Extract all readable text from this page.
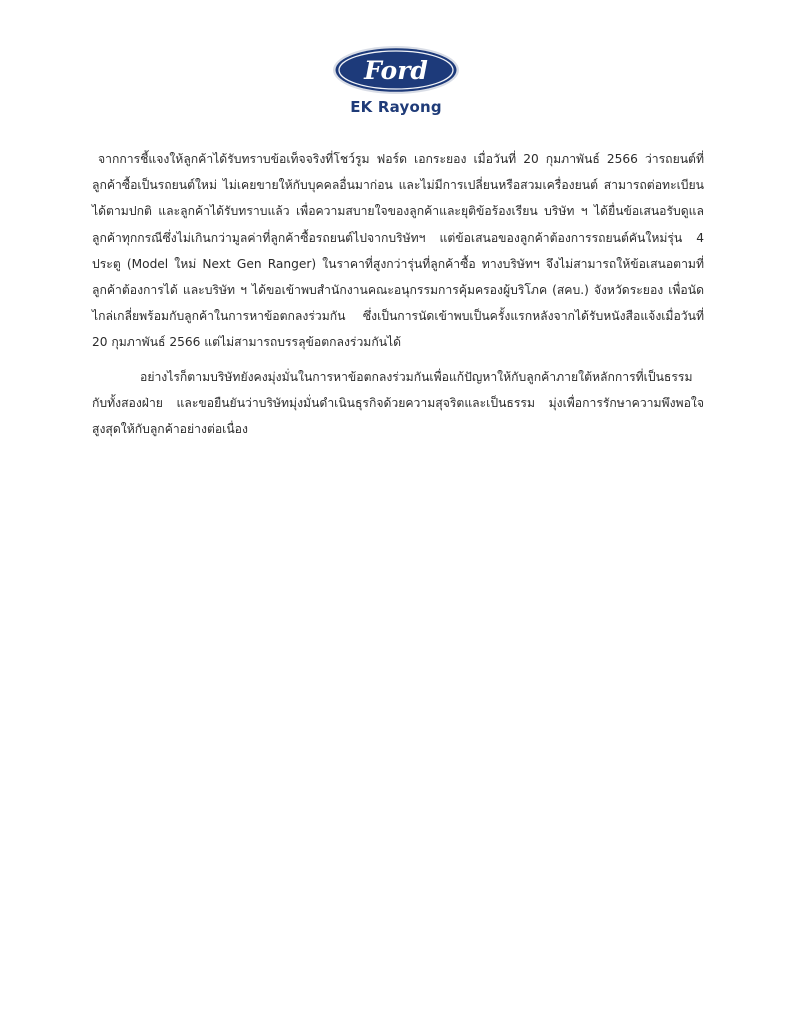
Ford
EK Rayong

จากการชี้แจงให้ลูกค้าได้รับทราบข้อเท็จจริงที่โชว์รูม ฟอร์ด เอกระยอง เมื่อวันที่ 20 กุมภาพันธ์ 2566 ว่ารถยนต์ที่ลูกค้าซื้อเป็นรถยนต์ใหม่ ไม่เคยขายให้กับบุคคลอื่นมาก่อน และไม่มีการเปลี่ยนหรือสวมเครื่องยนต์ สามารถต่อทะเบียนได้ตามปกติ และลูกค้าได้รับทราบแล้ว เพื่อความสบายใจของลูกค้าและยุติข้อร้องเรียน บริษัท ฯ ได้ยื่นข้อเสนอรับดูแลลูกค้าทุกกรณีซึ่งไม่เกินกว่ามูลค่าที่ลูกค้าซื้อรถยนต์ไปจากบริษัทฯ แต่ข้อเสนอของลูกค้าต้องการรถยนต์คันใหม่รุ่น 4 ประตู (Model ใหม่ Next Gen Ranger) ในราคาที่สูงกว่ารุ่นที่ลูกค้าซื้อ ทางบริษัทฯ จึงไม่สามารถให้ข้อเสนอตามที่ลูกค้าต้องการได้ และบริษัท ฯ ได้ขอเข้าพบสำนักงานคณะอนุกรรมการคุ้มครองผู้บริโภค (สคบ.) จังหวัดระยอง เพื่อนัดไกล่เกลี่ยพร้อมกับลูกค้าในการหาข้อตกลงร่วมกัน ซึ่งเป็นการนัดเข้าพบเป็นครั้งแรกหลังจากได้รับหนังสือแจ้งเมื่อวันที่ 20 กุมภาพันธ์ 2566 แต่ไม่สามารถบรรลุข้อตกลงร่วมกันได้

อย่างไรก็ตามบริษัทยังคงมุ่งมั่นในการหาข้อตกลงร่วมกันเพื่อแก้ปัญหาให้กับลูกค้าภายใต้หลักการที่เป็นธรรมกับทั้งสองฝ่าย และขอยืนยันว่าบริษัทมุ่งมั่นดำเนินธุรกิจด้วยความสุจริตและเป็นธรรม มุ่งเพื่อการรักษาความพึงพอใจสูงสุดให้กับลูกค้าอย่างต่อเนื่อง
